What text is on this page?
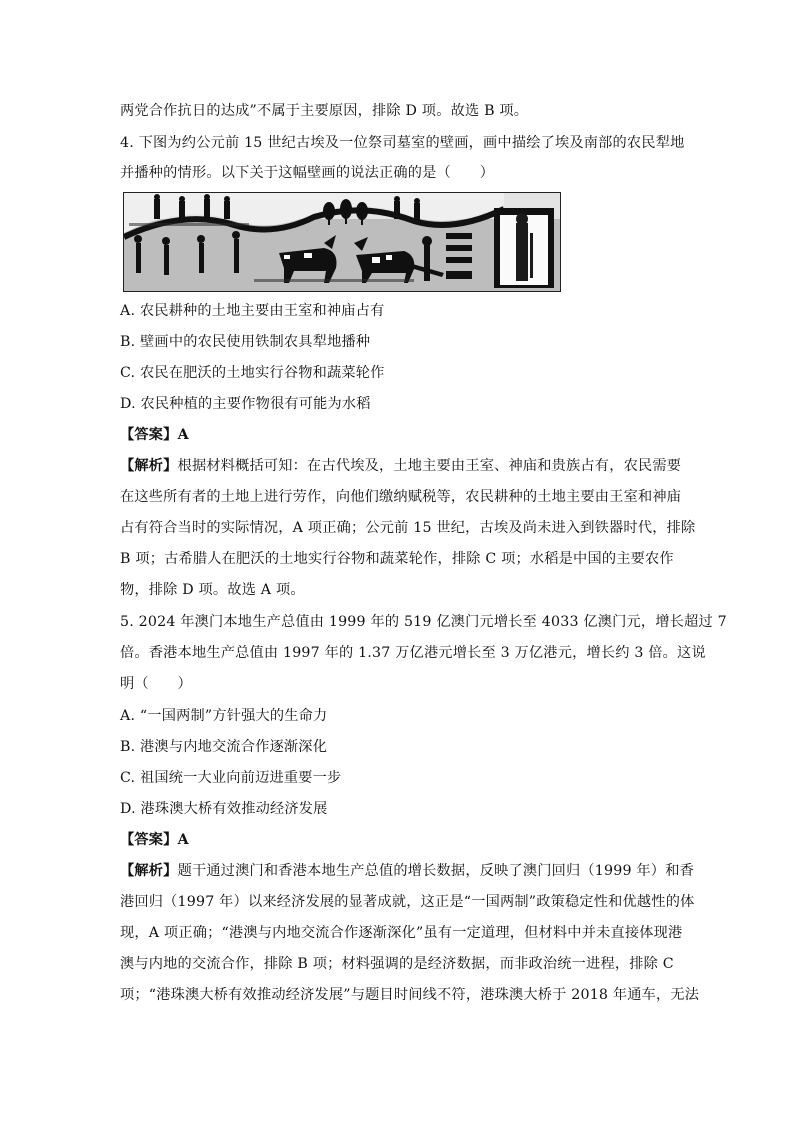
两党合作抗日的达成”不属于主要原因，排除 D 项。故选 B 项。
4. 下图为约公元前 15 世纪古埃及一位祭司墓室的壁画，画中描绘了埃及南部的农民犁地
并播种的情形。以下关于这幅壁画的说法正确的是（　　）
A. 农民耕种的土地主要由王室和神庙占有
B. 壁画中的农民使用铁制农具犁地播种
C. 农民在肥沃的土地实行谷物和蔬菜轮作
D. 农民种植的主要作物很有可能为水稻
【答案】A
【解析】根据材料概括可知：在古代埃及，土地主要由王室、神庙和贵族占有，农民需要
在这些所有者的土地上进行劳作，向他们缴纳赋税等，农民耕种的土地主要由王室和神庙
占有符合当时的实际情况，A 项正确；公元前 15 世纪，古埃及尚未进入到铁器时代，排除
B 项；古希腊人在肥沃的土地实行谷物和蔬菜轮作，排除 C 项；水稻是中国的主要农作
物，排除 D 项。故选 A 项。
5. 2024 年澳门本地生产总值由 1999 年的 519 亿澳门元增长至 4033 亿澳门元，增长超过 7
倍。香港本地生产总值由 1997 年的 1.37 万亿港元增长至 3 万亿港元，增长约 3 倍。这说
明（　　）
A. “一国两制”方针强大的生命力
B. 港澳与内地交流合作逐渐深化
C. 祖国统一大业向前迈进重要一步
D. 港珠澳大桥有效推动经济发展
【答案】A
【解析】题干通过澳门和香港本地生产总值的增长数据，反映了澳门回归（1999 年）和香
港回归（1997 年）以来经济发展的显著成就，这正是“一国两制”政策稳定性和优越性的体
现，A 项正确；“港澳与内地交流合作逐渐深化”虽有一定道理，但材料中并未直接体现港
澳与内地的交流合作，排除 B 项；材料强调的是经济数据，而非政治统一进程，排除 C
项；“港珠澳大桥有效推动经济发展”与题目时间线不符，港珠澳大桥于 2018 年通车，无法
